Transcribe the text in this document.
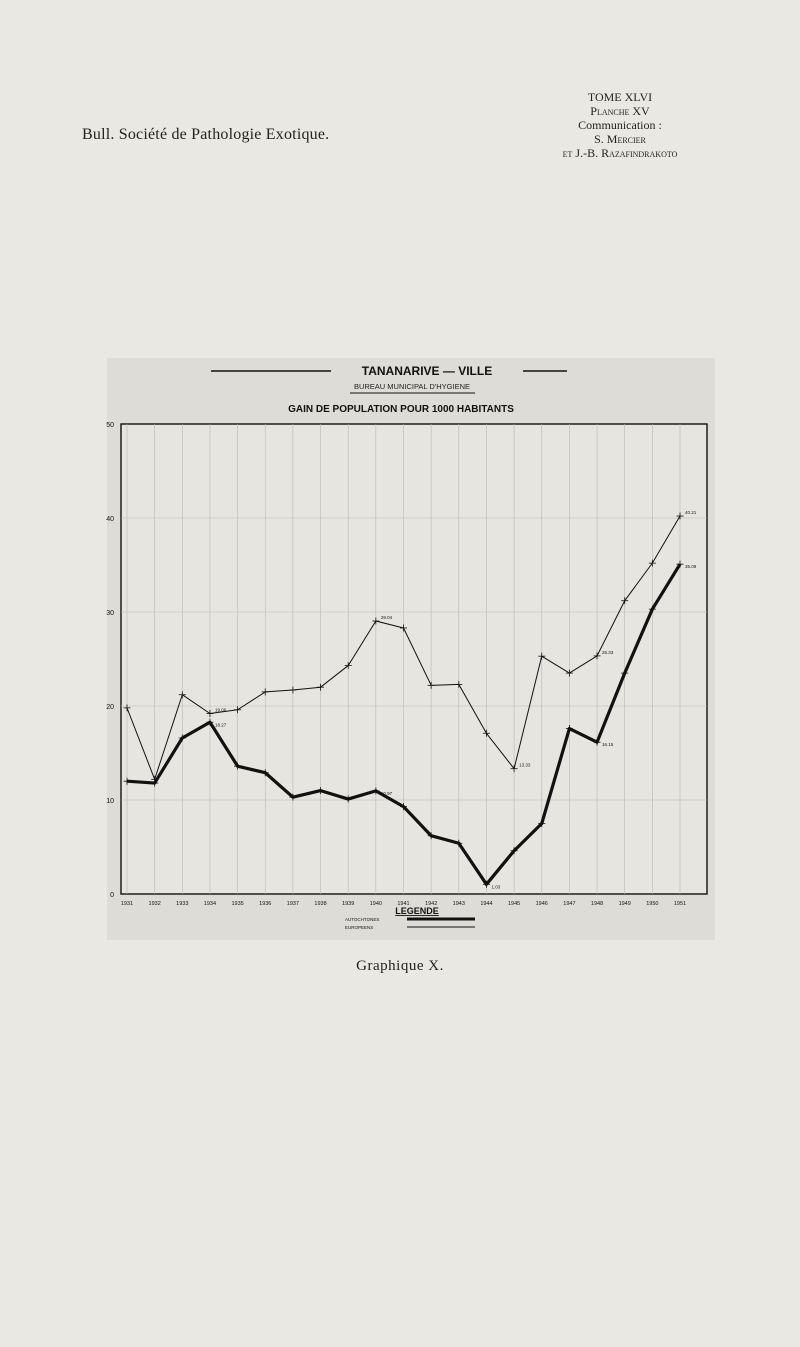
Bull. Société de Pathologie Exotique.
TOME XLVI
Planche XV
Communication :
S. Mercier
et J.-B. Razafindrakoto
TANANARIVE — VILLE
BUREAU MUNICIPAL D'HYGIENE
GAIN DE POPULATION POUR 1000 HABITANTS
LEGENDE
0
10
20
30
40
50
1931	1932	1933	1934	1935	1936	1937	1938	1939	1940	1941	1942	1943	1944	1945	1946	1947	1948	1949	1950	1951
19.06
29.04
13.33
25.33
40.21
18.27
10.97
1.03
16.15
35.09
AUTOCHTONES
EUROPEENS
Graphique X.
